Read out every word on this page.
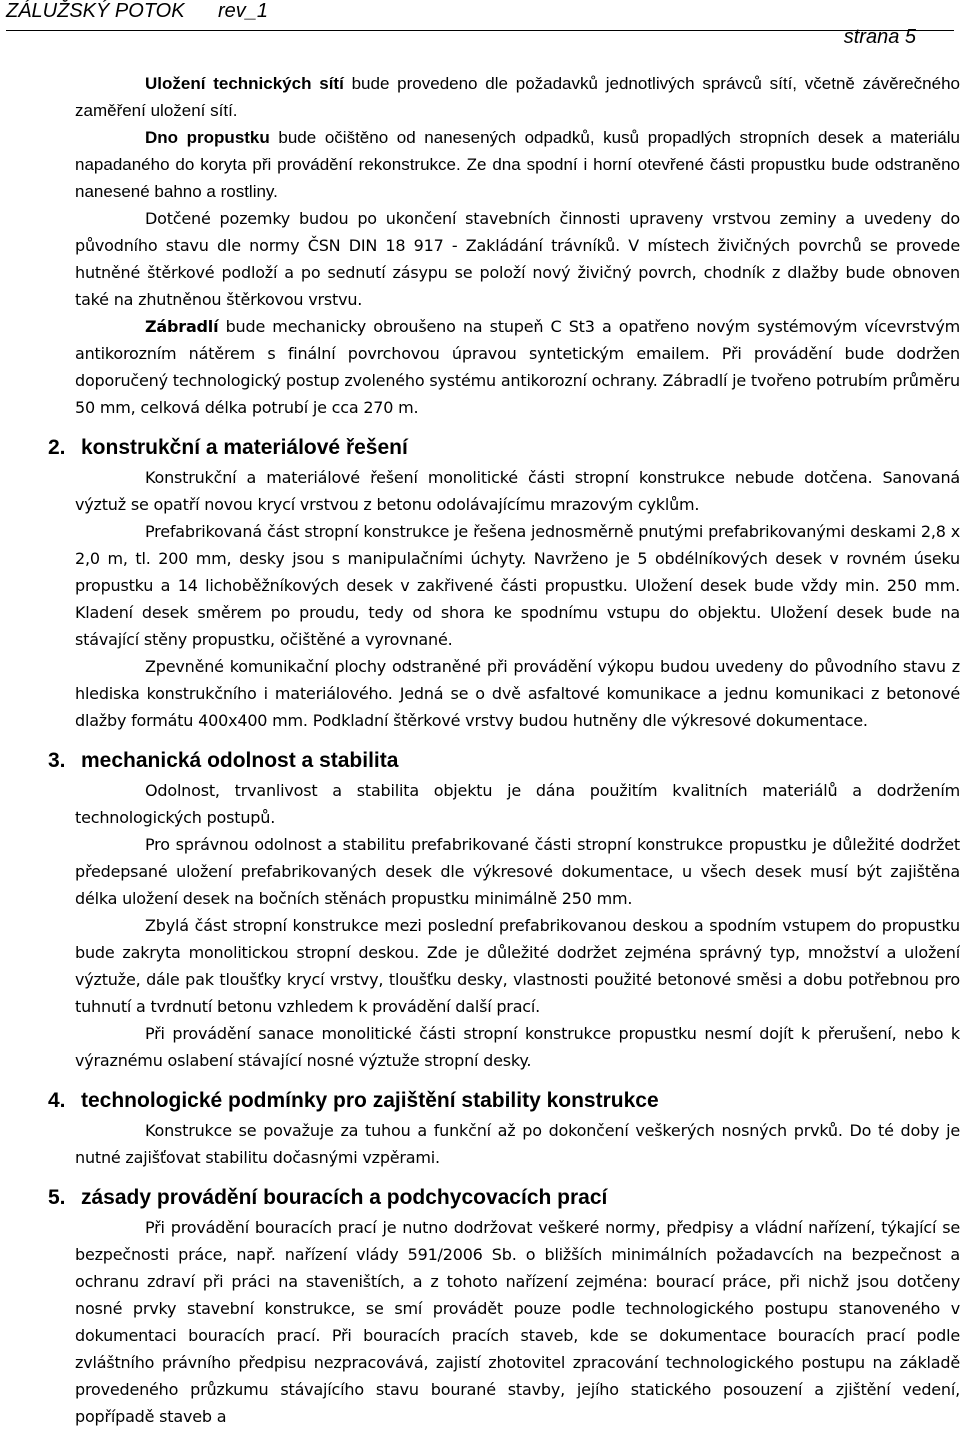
ZÁLUŽSKÝ POTOK rev_1
strana 5

Uložení technických sítí bude provedeno dle požadavků jednotlivých správců sítí, včetně závěrečného zaměření uložení sítí.

Dno propustku bude očištěno od nanesených odpadků, kusů propadlých stropních desek a materiálu napadaného do koryta při provádění rekonstrukce. Ze dna spodní i horní otevřené části propustku bude odstraněno nanesené bahno a rostliny.

Dotčené pozemky budou po ukončení stavebních činnosti upraveny vrstvou zeminy a uvedeny do původního stavu dle normy ČSN DIN 18 917 - Zakládání trávníků. V místech živičných povrchů se provede hutněné štěrkové podloží a po sednutí zásypu se položí nový živičný povrch, chodník z dlažby bude obnoven také na zhutněnou štěrkovou vrstvu.

Zábradlí bude mechanicky obroušeno na stupeň C St3 a opatřeno novým systémovým vícevrstvým antikorozním nátěrem s finální povrchovou úpravou syntetickým emailem. Při provádění bude dodržen doporučený technologický postup zvoleného systému antikorozní ochrany. Zábradlí je tvořeno potrubím průměru 50 mm, celková délka potrubí je cca 270 m.

2. konstrukční a materiálové řešení

Konstrukční a materiálové řešení monolitické části stropní konstrukce nebude dotčena. Sanovaná výztuž se opatří novou krycí vrstvou z betonu odolávajícímu mrazovým cyklům.

Prefabrikovaná část stropní konstrukce je řešena jednosměrně pnutými prefabrikovanými deskami 2,8 x 2,0 m, tl. 200 mm, desky jsou s manipulačními úchyty. Navrženo je 5 obdélníkových desek v rovném úseku propustku a 14 lichoběžníkových desek v zakřivené části propustku. Uložení desek bude vždy min. 250 mm. Kladení desek směrem po proudu, tedy od shora ke spodnímu vstupu do objektu. Uložení desek bude na stávající stěny propustku, očištěné a vyrovnané.

Zpevněné komunikační plochy odstraněné při provádění výkopu budou uvedeny do původního stavu z hlediska konstrukčního i materiálového. Jedná se o dvě asfaltové komunikace a jednu komunikaci z betonové dlažby formátu 400x400 mm. Podkladní štěrkové vrstvy budou hutněny dle výkresové dokumentace.

3. mechanická odolnost a stabilita

Odolnost, trvanlivost a stabilita objektu je dána použitím kvalitních materiálů a dodržením technologických postupů.

Pro správnou odolnost a stabilitu prefabrikované části stropní konstrukce propustku je důležité dodržet předepsané uložení prefabrikovaných desek dle výkresové dokumentace, u všech desek musí být zajištěna délka uložení desek na bočních stěnách propustku minimálně 250 mm.

Zbylá část stropní konstrukce mezi poslední prefabrikovanou deskou a spodním vstupem do propustku bude zakryta monolitickou stropní deskou. Zde je důležité dodržet zejména správný typ, množství a uložení výztuže, dále pak tloušťky krycí vrstvy, tloušťku desky, vlastnosti použité betonové směsi a dobu potřebnou pro tuhnutí a tvrdnutí betonu vzhledem k provádění další prací.

Při provádění sanace monolitické části stropní konstrukce propustku nesmí dojít k přerušení, nebo k výraznému oslabení stávající nosné výztuže stropní desky.

4. technologické podmínky pro zajištění stability konstrukce

Konstrukce se považuje za tuhou a funkční až po dokončení veškerých nosných prvků. Do té doby je nutné zajišťovat stabilitu dočasnými vzpěrami.

5. zásady provádění bouracích a podchycovacích prací

Při provádění bouracích prací je nutno dodržovat veškeré normy, předpisy a vládní nařízení, týkající se bezpečnosti práce, např. nařízení vlády 591/2006 Sb. o bližších minimálních požadavcích na bezpečnost a ochranu zdraví při práci na staveništích, a z tohoto nařízení zejména: bourací práce, při nichž jsou dotčeny nosné prvky stavební konstrukce, se smí provádět pouze podle technologického postupu stanoveného v dokumentaci bouracích prací. Při bouracích pracích staveb, kde se dokumentace bouracích prací podle zvláštního právního předpisu nezpracovává, zajistí zhotovitel zpracování technologického postupu na základě provedeného průzkumu stávajícího stavu bourané stavby, jejího statického posouzení a zjištění vedení, popřípadě staveb a
